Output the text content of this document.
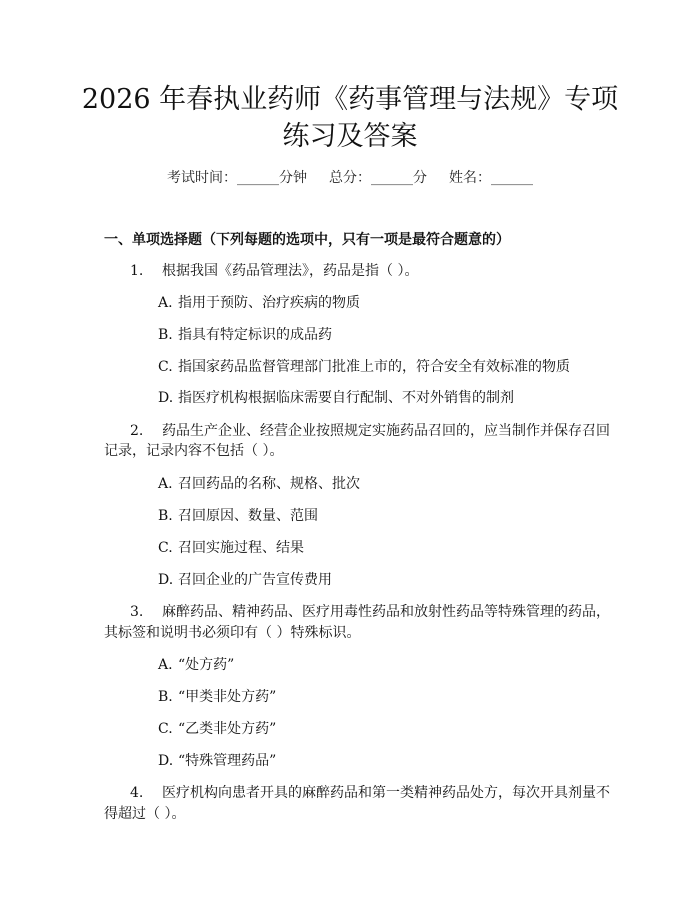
2026 年春执业药师《药事管理与法规》专项
练习及答案
考试时间：______分钟 总分：______分 姓名：______
一、单项选择题（下列每题的选项中，只有一项是最符合题意的）
1. 根据我国《药品管理法》，药品是指（ ）。
A. 指用于预防、治疗疾病的物质
B. 指具有特定标识的成品药
C. 指国家药品监督管理部门批准上市的，符合安全有效标准的物质
D. 指医疗机构根据临床需要自行配制、不对外销售的制剂
2. 药品生产企业、经营企业按照规定实施药品召回的，应当制作并保存召回
记录，记录内容不包括（ ）。
A. 召回药品的名称、规格、批次
B. 召回原因、数量、范围
C. 召回实施过程、结果
D. 召回企业的广告宣传费用
3. 麻醉药品、精神药品、医疗用毒性药品和放射性药品等特殊管理的药品，
其标签和说明书必须印有（ ）特殊标识。
A. “处方药”
B. “甲类非处方药”
C. “乙类非处方药”
D. “特殊管理药品”
4. 医疗机构向患者开具的麻醉药品和第一类精神药品处方，每次开具剂量不
得超过（ ）。
